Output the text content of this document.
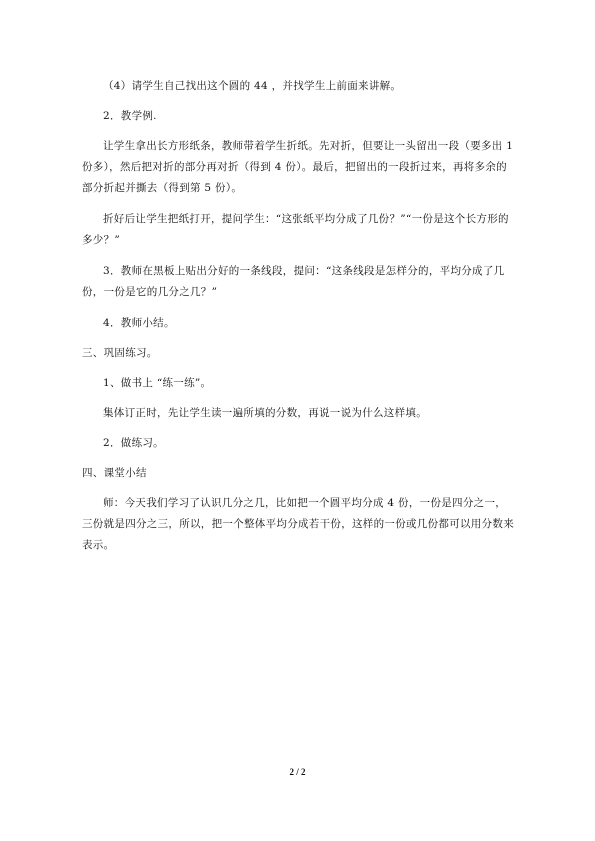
（4）请学生自己找出这个圆的 44 ，并找学生上前面来讲解。

2．教学例.

让学生拿出长方形纸条，教师带着学生折纸。先对折，但要让一头留出一段（要多出 1 份多），然后把对折的部分再对折（得到 4 份）。最后，把留出的一段折过来，再将多余的部分折起并撕去（得到第 5 份）。

折好后让学生把纸打开，提问学生：“这张纸平均分成了几份？”“一份是这个长方形的多少？”

3．教师在黑板上贴出分好的一条线段，提问：“这条线段是怎样分的，平均分成了几份，一份是它的几分之几？”

4．教师小结。

三、巩固练习。

1、做书上 “练一练”。

集体订正时，先让学生读一遍所填的分数，再说一说为什么这样填。

2．做练习。

四、课堂小结

师：今天我们学习了认识几分之几，比如把一个圆平均分成 4 份，一份是四分之一，三份就是四分之三，所以，把一个整体平均分成若干份，这样的一份或几份都可以用分数来表示。

2 / 2
